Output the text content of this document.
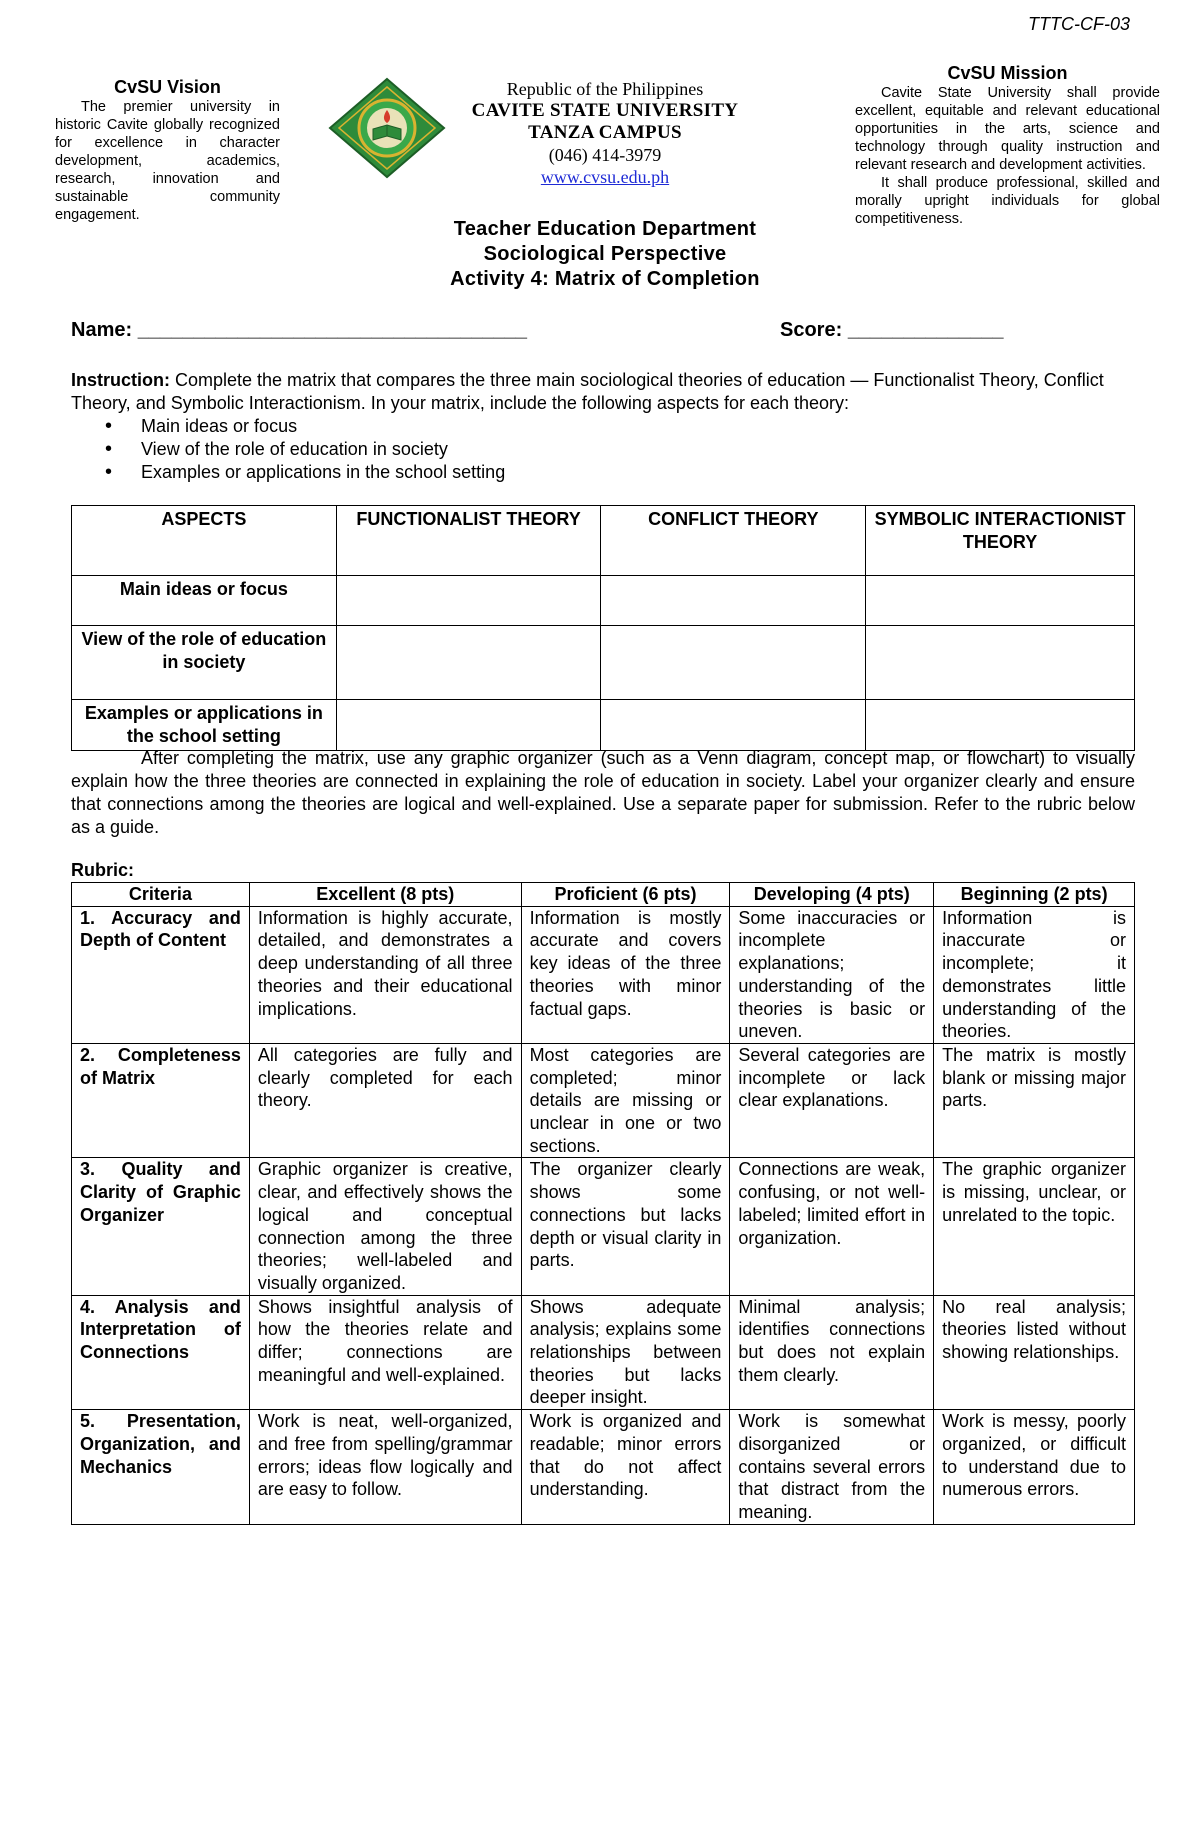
TTTC-CF-03
CvSU Vision

The premier university in historic Cavite globally recognized for excellence in character development, academics, research, innovation and sustainable community engagement.

Republic of the Philippines
CAVITE STATE UNIVERSITY
TANZA CAMPUS
(046) 414-3979
www.cvsu.edu.ph
CvSU Mission

Cavite State University shall provide excellent, equitable and relevant educational opportunities in the arts, science and technology through quality instruction and relevant research and development activities.

It shall produce professional, skilled and morally upright individuals for global competitiveness.

Teacher Education Department
Sociological Perspective
Activity 4: Matrix of Completion
Name: ___________________________________	Score: ______________
Instruction: Complete the matrix that compares the three main sociological theories of education — Functionalist Theory, Conflict Theory, and Symbolic Interactionism. In your matrix, include the following aspects for each theory:
• Main ideas or focus
• View of the role of education in society
• Examples or applications in the school setting
ASPECTS	FUNCTIONALIST THEORY	CONFLICT THEORY	SYMBOLIC INTERACTIONIST THEORY
Main ideas or focus			
View of the role of education in society			
Examples or applications in the school setting			
After completing the matrix, use any graphic organizer (such as a Venn diagram, concept map, or flowchart) to visually explain how the three theories are connected in explaining the role of education in society. Label your organizer clearly and ensure that connections among the theories are logical and well-explained. Use a separate paper for submission. Refer to the rubric below as a guide.
Rubric:
Criteria	Excellent (8 pts)	Proficient (6 pts)	Developing (4 pts)	Beginning (2 pts)
1. Accuracy and Depth of Content	Information is highly accurate, detailed, and demonstrates a deep understanding of all three theories and their educational implications.	Information is mostly accurate and covers key ideas of the three theories with minor factual gaps.	Some inaccuracies or incomplete explanations; understanding of the theories is basic or uneven.	Information is inaccurate or incomplete; it demonstrates little understanding of the theories.
2. Completeness of Matrix	All categories are fully and clearly completed for each theory.	Most categories are completed; minor details are missing or unclear in one or two sections.	Several categories are incomplete or lack clear explanations.	The matrix is mostly blank or missing major parts.
3. Quality and Clarity of Graphic Organizer	Graphic organizer is creative, clear, and effectively shows the logical and conceptual connection among the three theories; well-labeled and visually organized.	The organizer clearly shows some connections but lacks depth or visual clarity in parts.	Connections are weak, confusing, or not well-labeled; limited effort in organization.	The graphic organizer is missing, unclear, or unrelated to the topic.
4. Analysis and Interpretation of Connections	Shows insightful analysis of how the theories relate and differ; connections are meaningful and well-explained.	Shows adequate analysis; explains some relationships between theories but lacks deeper insight.	Minimal analysis; identifies connections but does not explain them clearly.	No real analysis; theories listed without showing relationships.
5. Presentation, Organization, and Mechanics	Work is neat, well-organized, and free from spelling/grammar errors; ideas flow logically and are easy to follow.	Work is organized and readable; minor errors that do not affect understanding.	Work is somewhat disorganized or contains several errors that distract from the meaning.	Work is messy, poorly organized, or difficult to understand due to numerous errors.
